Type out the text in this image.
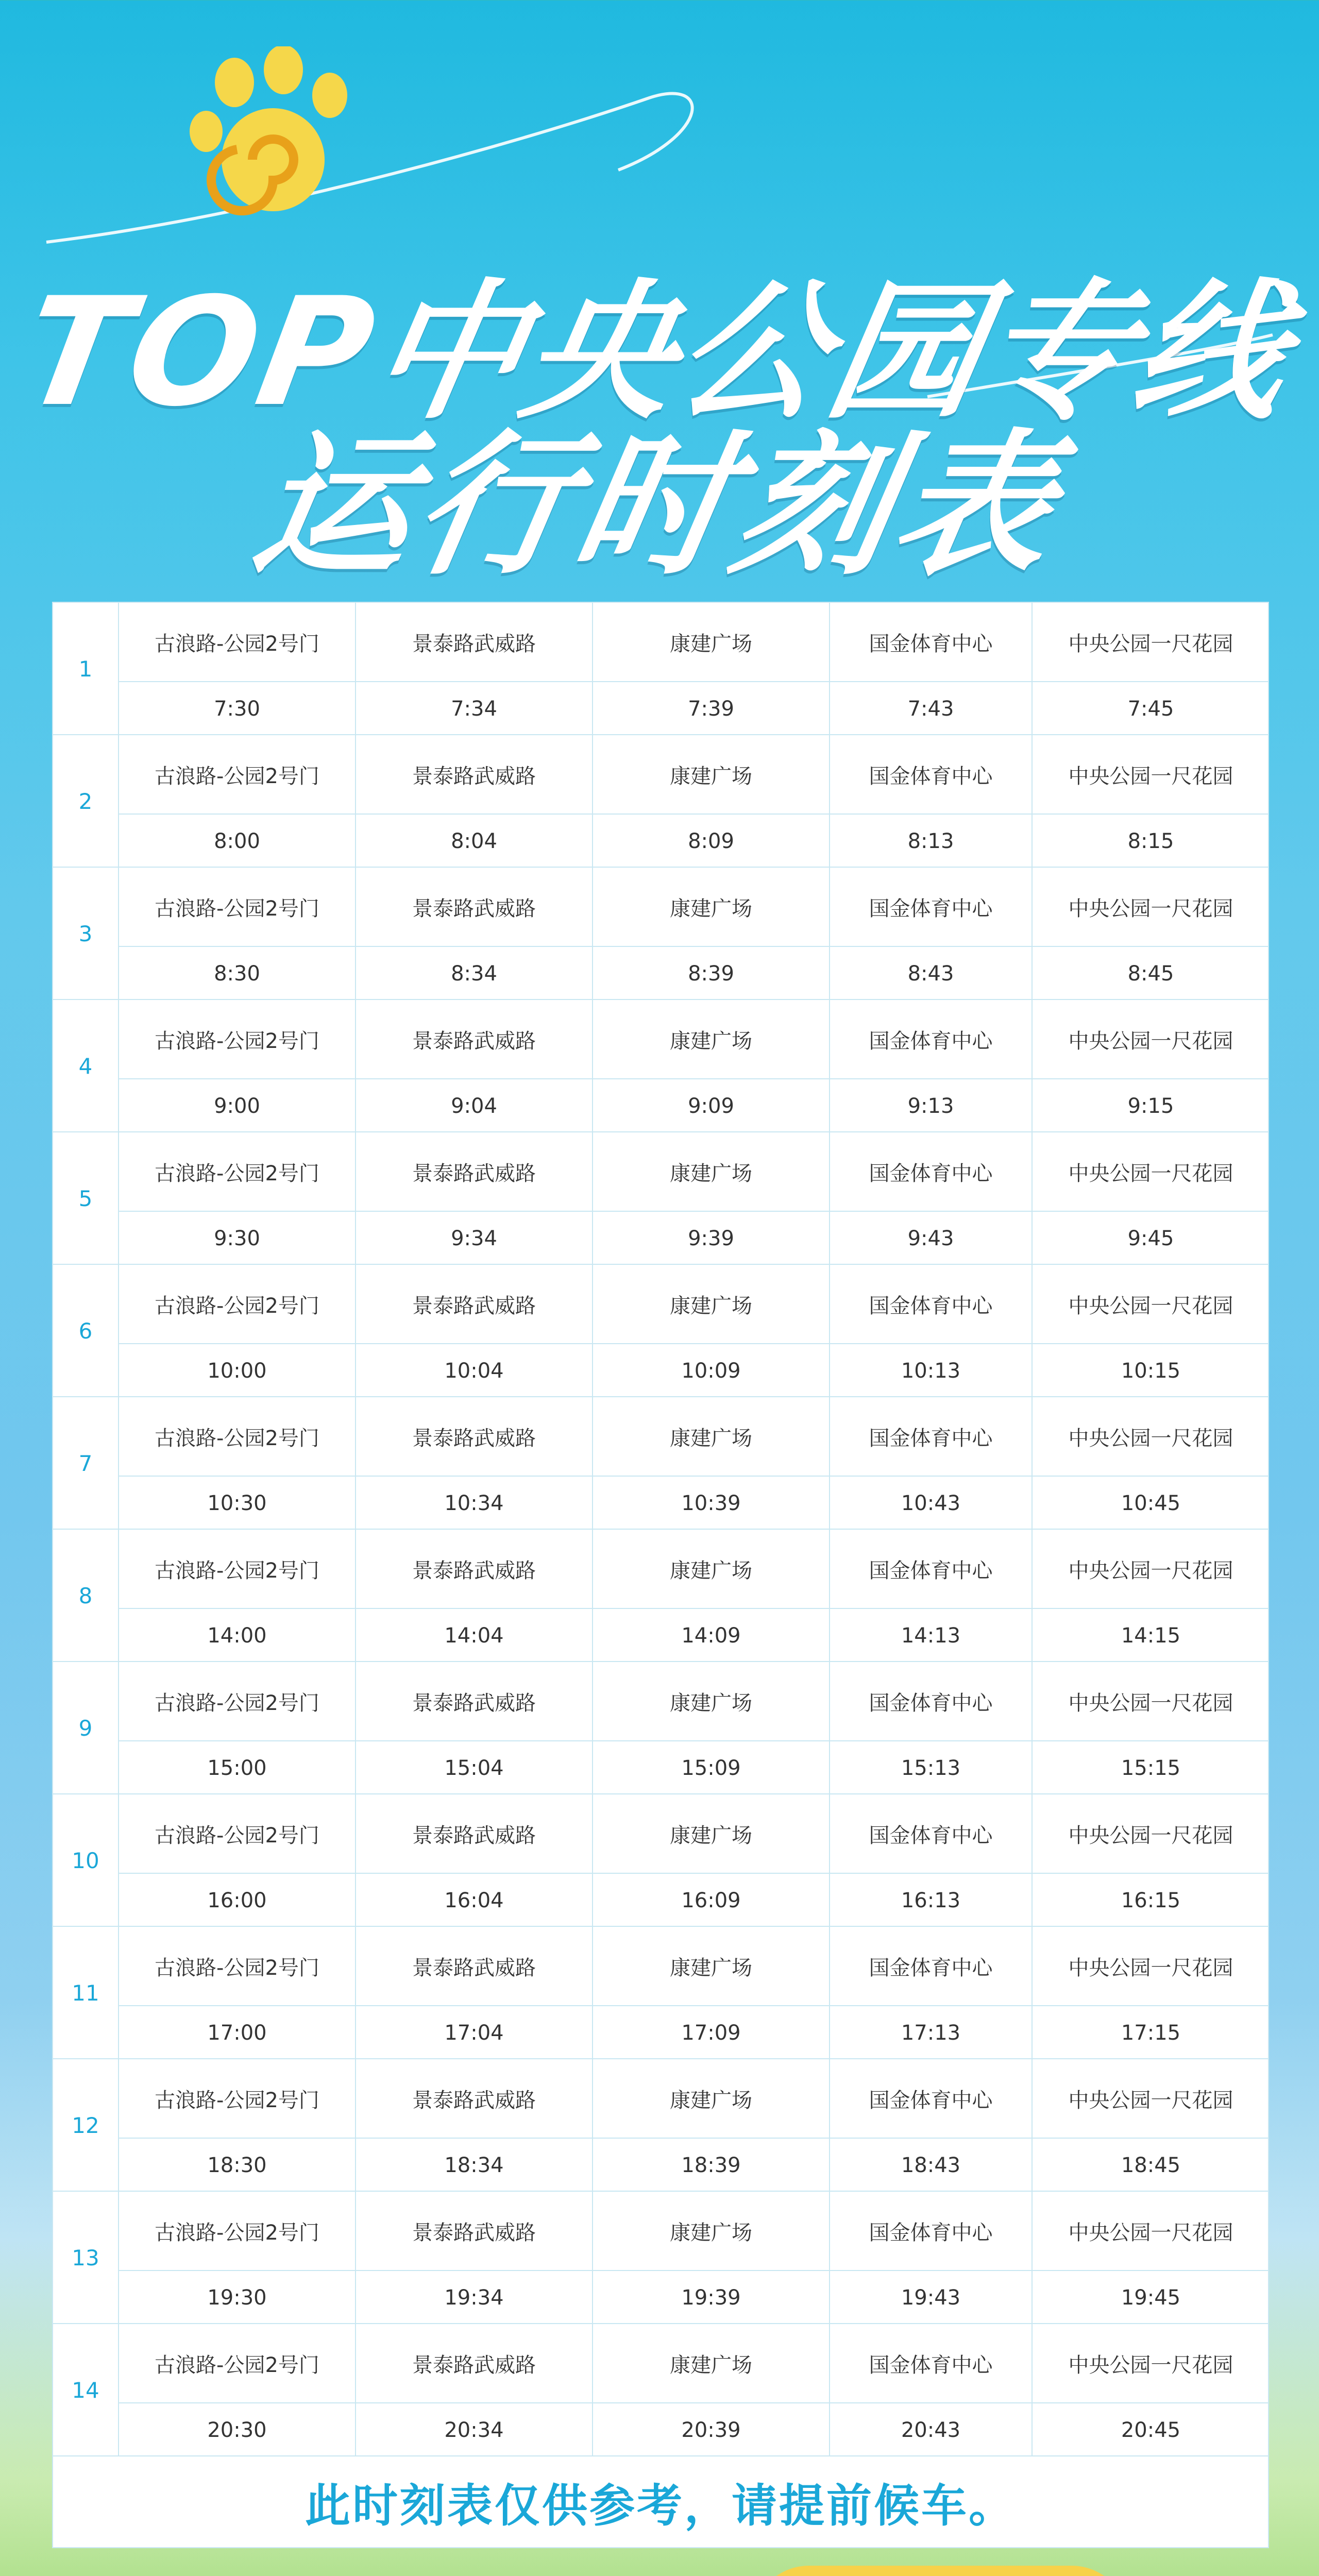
TOP中央公园专线
运行时刻表
1
古浪路-公园2号门	景泰路武威路	康建广场	国金体育中心	中央公园一尺花园
7:30	7:34	7:39	7:43	7:45
2
古浪路-公园2号门	景泰路武威路	康建广场	国金体育中心	中央公园一尺花园
8:00	8:04	8:09	8:13	8:15
3
古浪路-公园2号门	景泰路武威路	康建广场	国金体育中心	中央公园一尺花园
8:30	8:34	8:39	8:43	8:45
4
古浪路-公园2号门	景泰路武威路	康建广场	国金体育中心	中央公园一尺花园
9:00	9:04	9:09	9:13	9:15
5
古浪路-公园2号门	景泰路武威路	康建广场	国金体育中心	中央公园一尺花园
9:30	9:34	9:39	9:43	9:45
6
古浪路-公园2号门	景泰路武威路	康建广场	国金体育中心	中央公园一尺花园
10:00	10:04	10:09	10:13	10:15
7
古浪路-公园2号门	景泰路武威路	康建广场	国金体育中心	中央公园一尺花园
10:30	10:34	10:39	10:43	10:45
8
古浪路-公园2号门	景泰路武威路	康建广场	国金体育中心	中央公园一尺花园
14:00	14:04	14:09	14:13	14:15
9
古浪路-公园2号门	景泰路武威路	康建广场	国金体育中心	中央公园一尺花园
15:00	15:04	15:09	15:13	15:15
10
古浪路-公园2号门	景泰路武威路	康建广场	国金体育中心	中央公园一尺花园
16:00	16:04	16:09	16:13	16:15
11
古浪路-公园2号门	景泰路武威路	康建广场	国金体育中心	中央公园一尺花园
17:00	17:04	17:09	17:13	17:15
12
古浪路-公园2号门	景泰路武威路	康建广场	国金体育中心	中央公园一尺花园
18:30	18:34	18:39	18:43	18:45
13
古浪路-公园2号门	景泰路武威路	康建广场	国金体育中心	中央公园一尺花园
19:30	19:34	19:39	19:43	19:45
14
古浪路-公园2号门	景泰路武威路	康建广场	国金体育中心	中央公园一尺花园
20:30	20:34	20:39	20:43	20:45
此时刻表仅供参考，请提前候车。
